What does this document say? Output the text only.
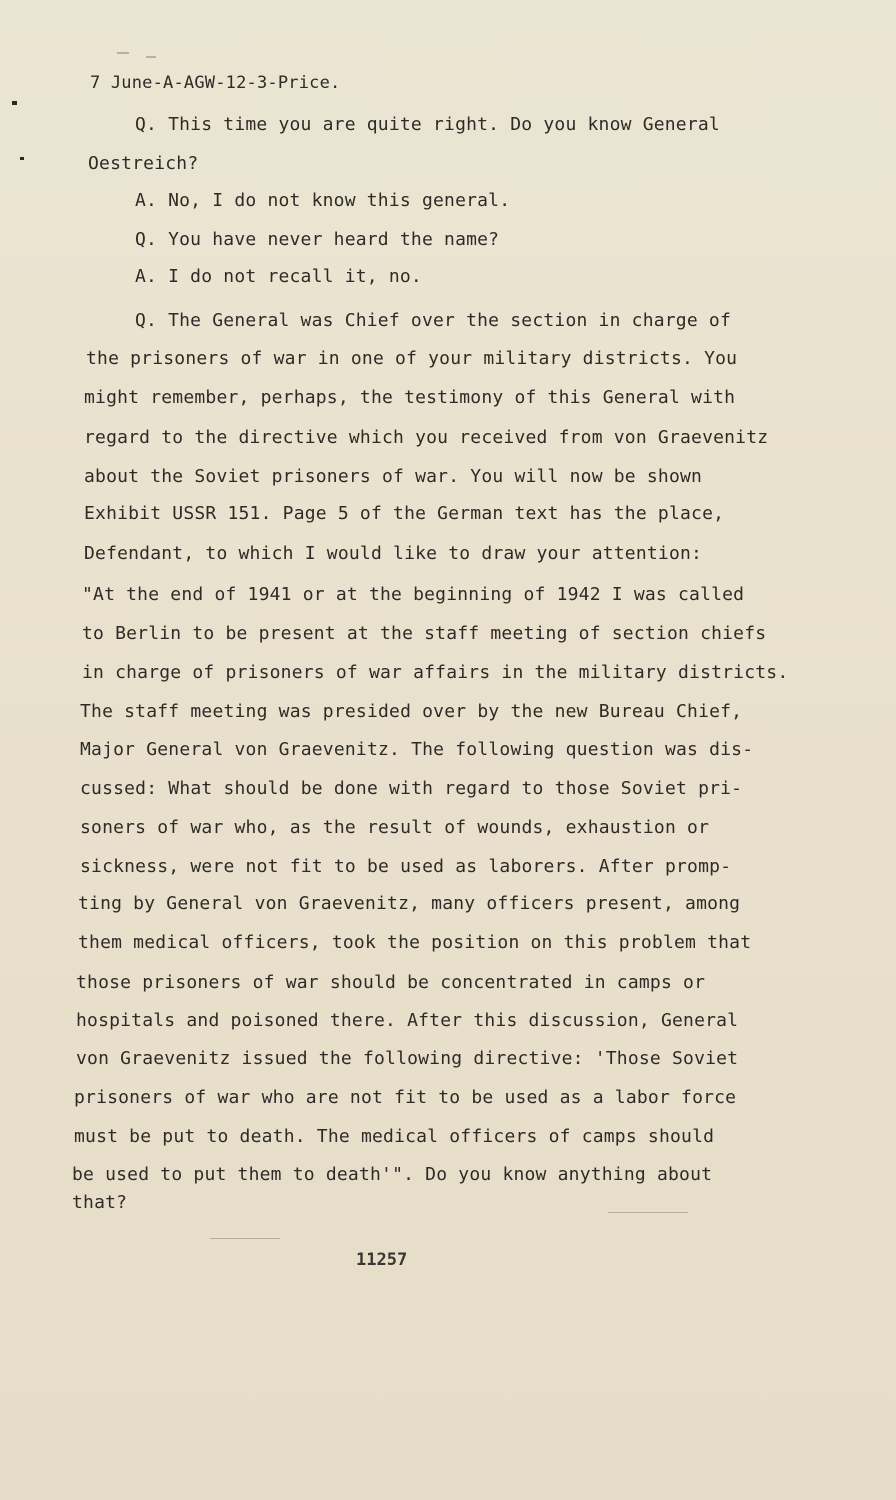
7 June-A-AGW-12-3-Price.
Q. This time you are quite right. Do you know General
Oestreich?
A. No, I do not know this general.
Q. You have never heard the name?
A. I do not recall it, no.
Q. The General was Chief over the section in charge of
the prisoners of war in one of your military districts. You
might remember, perhaps, the testimony of this General with
regard to the directive which you received from von Graevenitz
about the Soviet prisoners of war. You will now be shown
Exhibit USSR 151. Page 5 of the German text has the place,
Defendant, to which I would like to draw your attention:
"At the end of 1941 or at the beginning of 1942 I was called
to Berlin to be present at the staff meeting of section chiefs
in charge of prisoners of war affairs in the military districts.
The staff meeting was presided over by the new Bureau Chief,
Major General von Graevenitz. The following question was dis-
cussed: What should be done with regard to those Soviet pri-
soners of war who, as the result of wounds, exhaustion or
sickness, were not fit to be used as laborers. After promp-
ting by General von Graevenitz, many officers present, among
them medical officers, took the position on this problem that
those prisoners of war should be concentrated in camps or
hospitals and poisoned there. After this discussion, General
von Graevenitz issued the following directive: 'Those Soviet
prisoners of war who are not fit to be used as a labor force
must be put to death. The medical officers of camps should
be used to put them to death'". Do you know anything about
that?
11257
